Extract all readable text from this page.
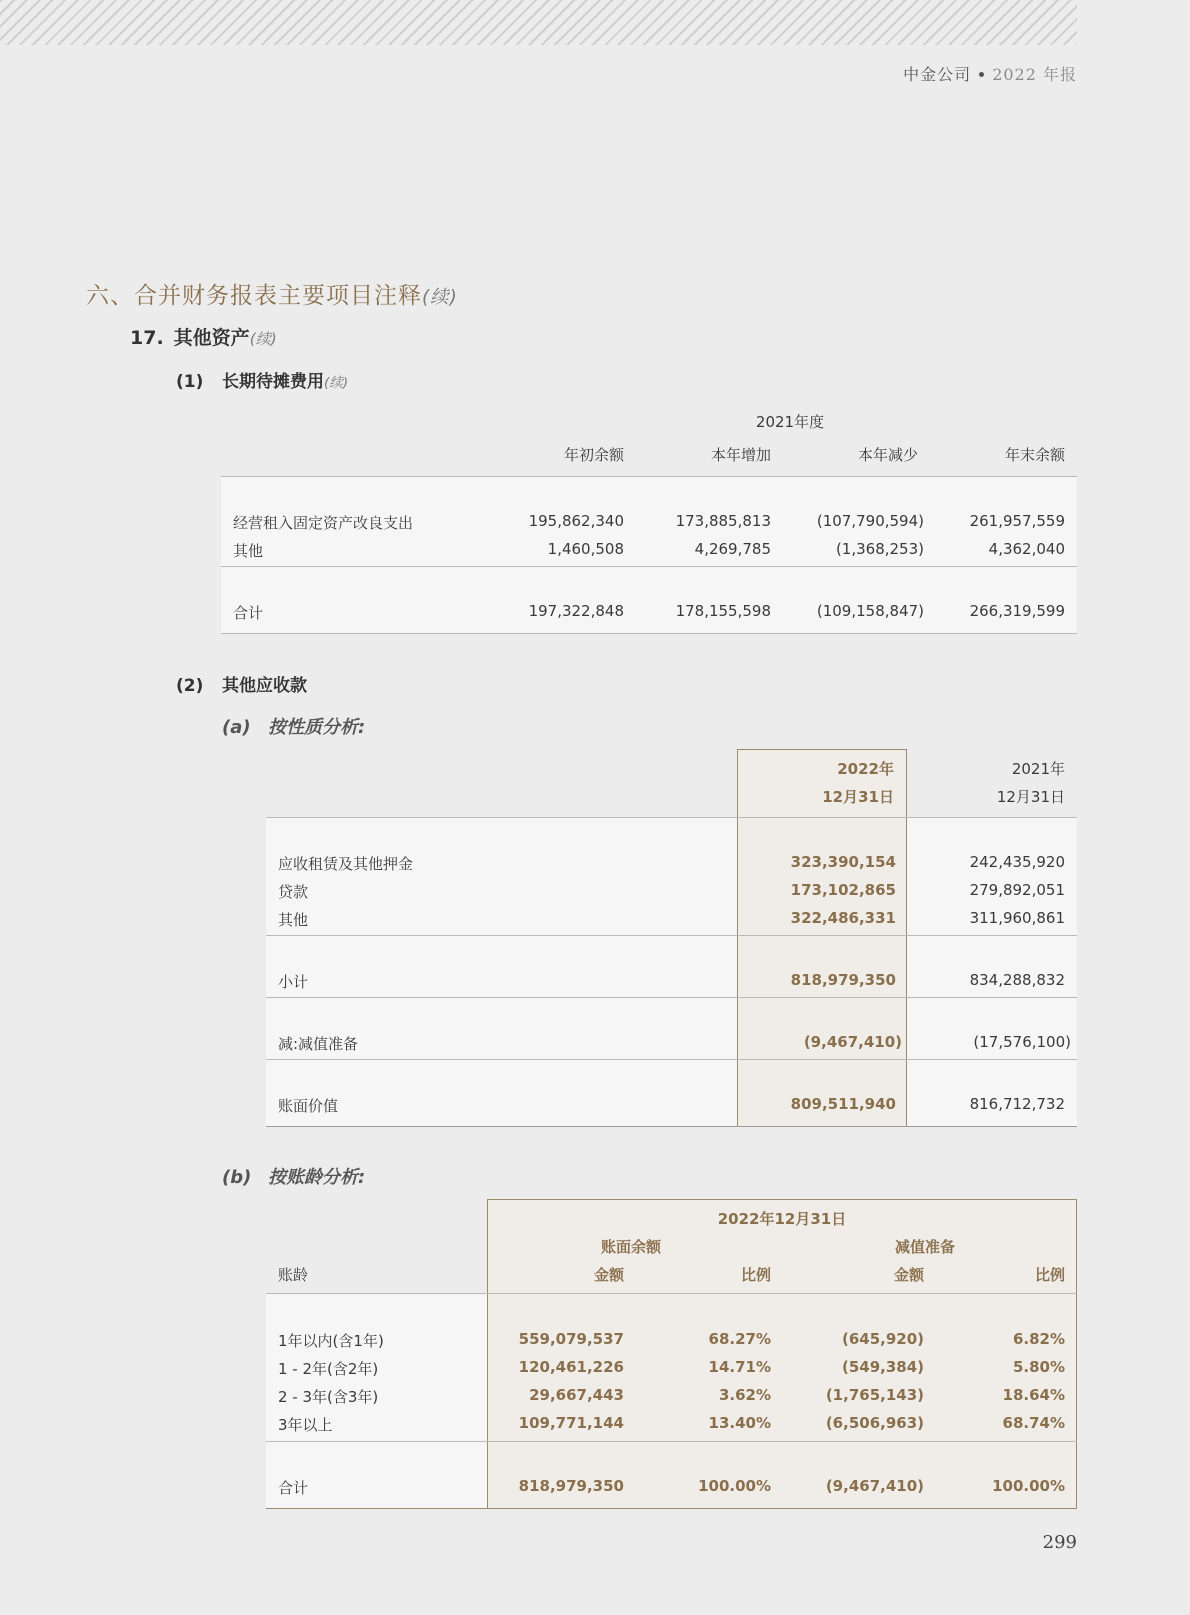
中金公司 2022 年报
六、合并财务报表主要项目注释(续)
17. 其他资产(续)
(1) 长期待摊费用(续)
2021年度
年初余额	本年增加	本年减少	年末余额
经营租入固定资产改良支出	195,862,340	173,885,813	(107,790,594)	261,957,559
其他	1,460,508	4,269,785	(1,368,253)	4,362,040
合计	197,322,848	178,155,598	(109,158,847)	266,319,599
(2) 其他应收款
(a) 按性质分析:
2022年
12月31日
2021年
12月31日
应收租赁及其他押金	323,390,154	242,435,920
贷款	173,102,865	279,892,051
其他	322,486,331	311,960,861
小计	818,979,350	834,288,832
减:减值准备	(9,467,410)	(17,576,100)
账面价值	809,511,940	816,712,732
(b) 按账龄分析:
2022年12月31日
账面余额	减值准备
账龄	金额	比例	金额	比例
1年以内(含1年)	559,079,537	68.27%	(645,920)	6.82%
1 - 2年(含2年)	120,461,226	14.71%	(549,384)	5.80%
2 - 3年(含3年)	29,667,443	3.62%	(1,765,143)	18.64%
3年以上	109,771,144	13.40%	(6,506,963)	68.74%
合计	818,979,350	100.00%	(9,467,410)	100.00%
299
